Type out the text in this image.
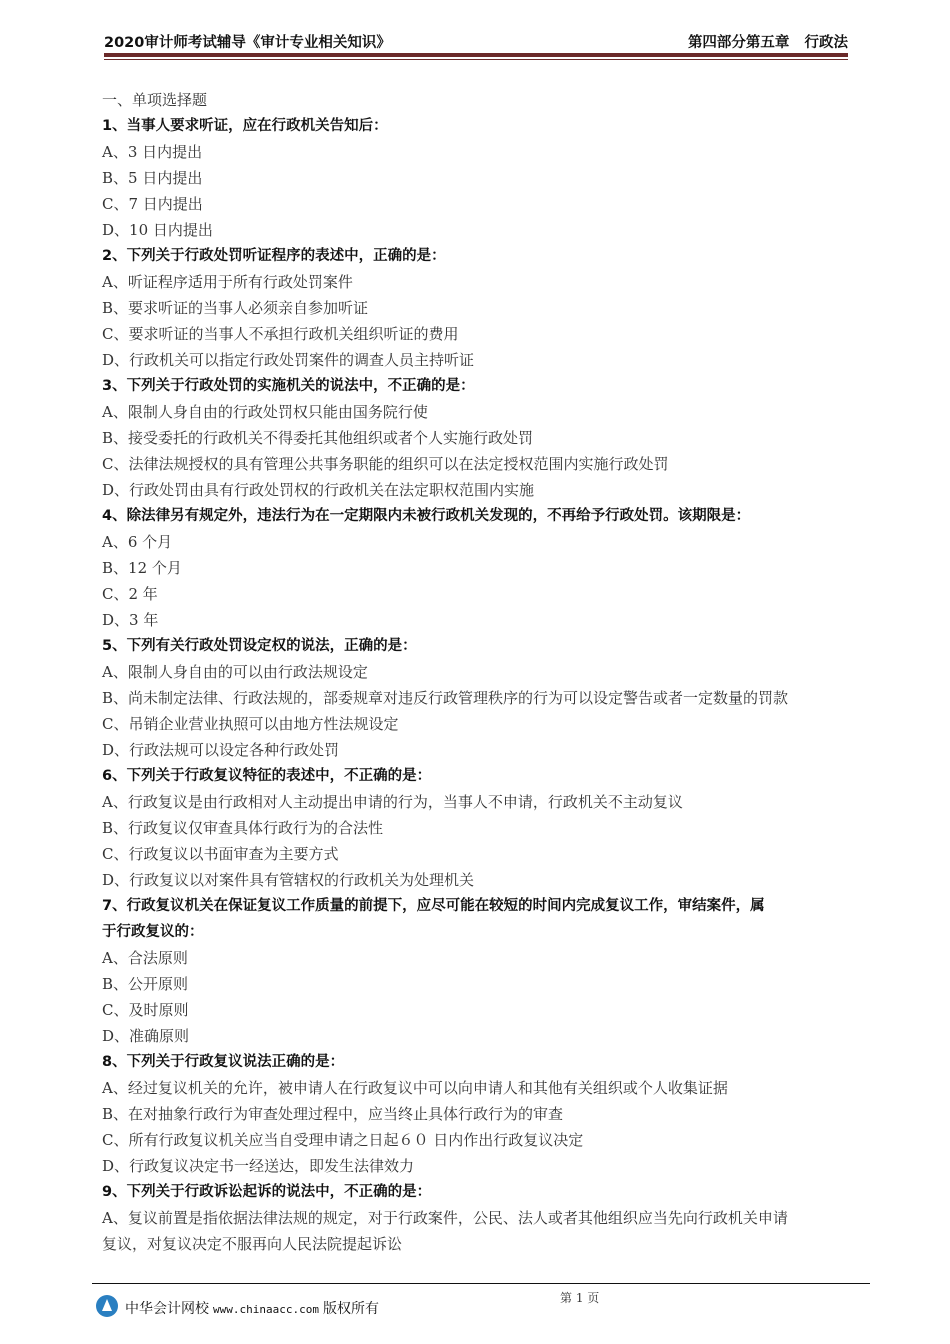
2020审计师考试辅导《审计专业相关知识》	第四部分第五章 行政法
一、单项选择题
1、当事人要求听证，应在行政机关告知后：
A、3 日内提出
B、5 日内提出
C、7 日内提出
D、10 日内提出
2、下列关于行政处罚听证程序的表述中，正确的是：
A、听证程序适用于所有行政处罚案件
B、要求听证的当事人必须亲自参加听证
C、要求听证的当事人不承担行政机关组织听证的费用
D、行政机关可以指定行政处罚案件的调查人员主持听证
3、下列关于行政处罚的实施机关的说法中，不正确的是：
A、限制人身自由的行政处罚权只能由国务院行使
B、接受委托的行政机关不得委托其他组织或者个人实施行政处罚
C、法律法规授权的具有管理公共事务职能的组织可以在法定授权范围内实施行政处罚
D、行政处罚由具有行政处罚权的行政机关在法定职权范围内实施
4、除法律另有规定外，违法行为在一定期限内未被行政机关发现的，不再给予行政处罚。该期限是：
A、6 个月
B、12 个月
C、2 年
D、3 年
5、下列有关行政处罚设定权的说法，正确的是：
A、限制人身自由的可以由行政法规设定
B、尚未制定法律、行政法规的，部委规章对违反行政管理秩序的行为可以设定警告或者一定数量的罚款
C、吊销企业营业执照可以由地方性法规设定
D、行政法规可以设定各种行政处罚
6、下列关于行政复议特征的表述中，不正确的是：
A、行政复议是由行政相对人主动提出申请的行为，当事人不申请，行政机关不主动复议
B、行政复议仅审查具体行政行为的合法性
C、行政复议以书面审查为主要方式
D、行政复议以对案件具有管辖权的行政机关为处理机关
7、行政复议机关在保证复议工作质量的前提下，应尽可能在较短的时间内完成复议工作，审结案件，属
于行政复议的：
A、合法原则
B、公开原则
C、及时原则
D、准确原则
8、下列关于行政复议说法正确的是：
A、经过复议机关的允许，被申请人在行政复议中可以向申请人和其他有关组织或个人收集证据
B、在对抽象行政行为审查处理过程中，应当终止具体行政行为的审查
C、所有行政复议机关应当自受理申请之日起６０ 日内作出行政复议决定
D、行政复议决定书一经送达，即发生法律效力
9、下列关于行政诉讼起诉的说法中，不正确的是：
A、复议前置是指依据法律法规的规定，对于行政案件，公民、法人或者其他组织应当先向行政机关申请
复议，对复议决定不服再向人民法院提起诉讼
中华会计网校 www.chinaacc.com 版权所有
第 1 页
